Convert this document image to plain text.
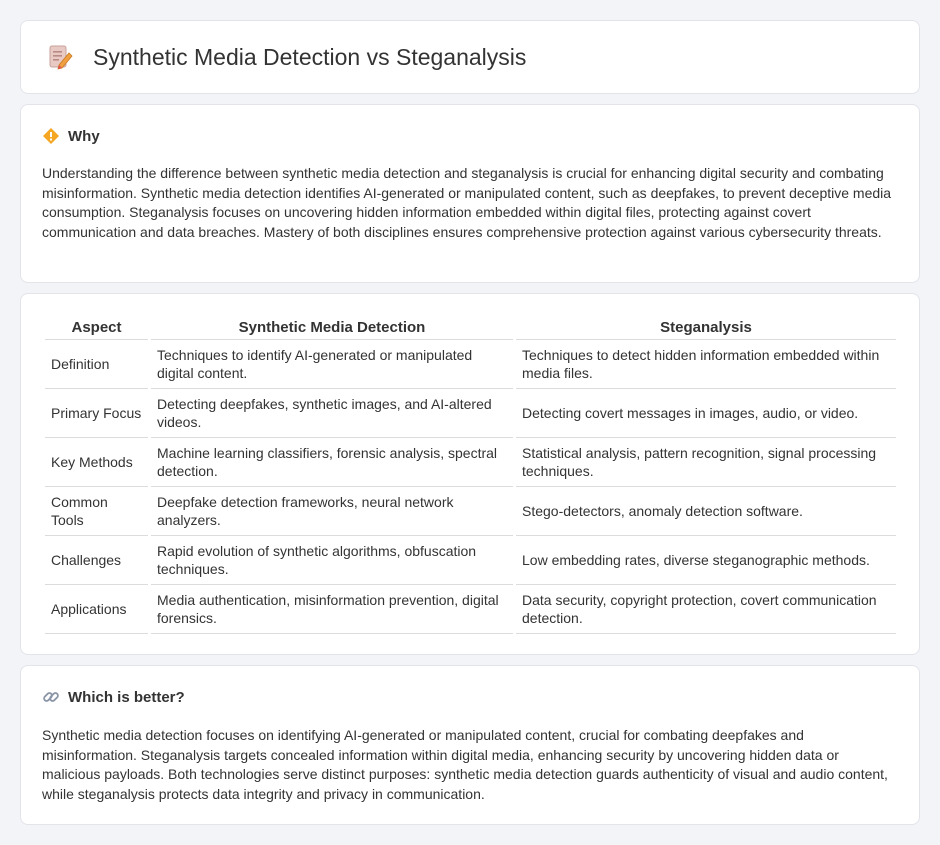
Synthetic Media Detection vs Steganalysis
Why

Understanding the difference between synthetic media detection and steganalysis is crucial for enhancing digital security and combating misinformation. Synthetic media detection identifies AI-generated or manipulated content, such as deepfakes, to prevent deceptive media consumption. Steganalysis focuses on uncovering hidden information embedded within digital files, protecting against covert communication and data breaches. Mastery of both disciplines ensures comprehensive protection against various cybersecurity threats.

Aspect	Synthetic Media Detection	Steganalysis
Definition	Techniques to identify AI-generated or manipulated digital content.	Techniques to detect hidden information embedded within media files.
Primary Focus	Detecting deepfakes, synthetic images, and AI-altered videos.	Detecting covert messages in images, audio, or video.
Key Methods	Machine learning classifiers, forensic analysis, spectral detection.	Statistical analysis, pattern recognition, signal processing techniques.
Common Tools	Deepfake detection frameworks, neural network analyzers.	Stego-detectors, anomaly detection software.
Challenges	Rapid evolution of synthetic algorithms, obfuscation techniques.	Low embedding rates, diverse steganographic methods.
Applications	Media authentication, misinformation prevention, digital forensics.	Data security, copyright protection, covert communication detection.
Which is better?

Synthetic media detection focuses on identifying AI-generated or manipulated content, crucial for combating deepfakes and misinformation. Steganalysis targets concealed information within digital media, enhancing security by uncovering hidden data or malicious payloads. Both technologies serve distinct purposes: synthetic media detection guards authenticity of visual and audio content, while steganalysis protects data integrity and privacy in communication.
